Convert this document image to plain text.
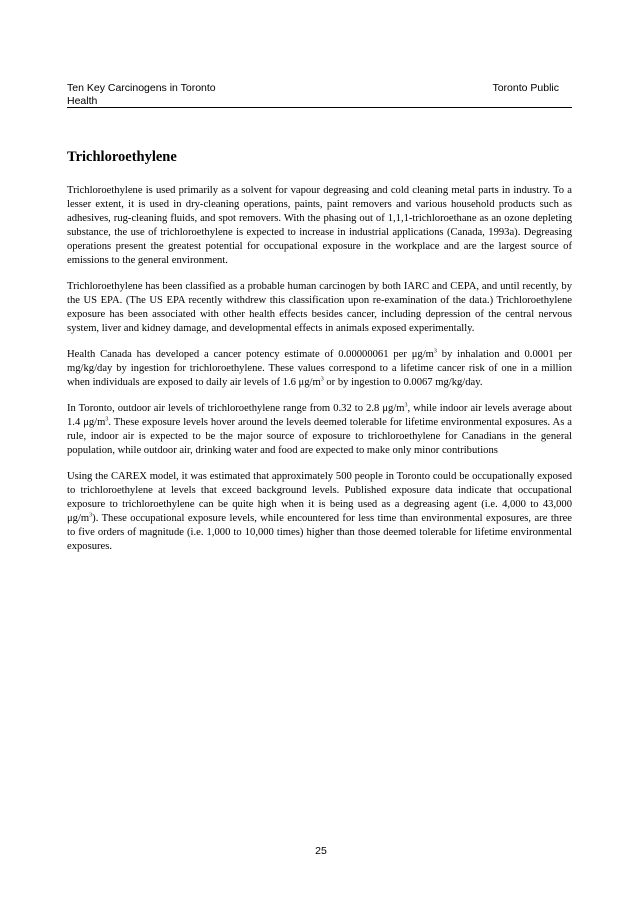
Ten Key Carcinogens in Toronto
Health
Toronto Public
Trichloroethylene

Trichloroethylene is used primarily as a solvent for vapour degreasing and cold cleaning metal parts in industry. To a lesser extent, it is used in dry-cleaning operations, paints, paint removers and various household products such as adhesives, rug-cleaning fluids, and spot removers. With the phasing out of 1,1,1-trichloroethane as an ozone depleting substance, the use of trichloroethylene is expected to increase in industrial applications (Canada, 1993a). Degreasing operations present the greatest potential for occupational exposure in the workplace and are the largest source of emissions to the general environment.

Trichloroethylene has been classified as a probable human carcinogen by both IARC and CEPA, and until recently, by the US EPA. (The US EPA recently withdrew this classification upon re-examination of the data.) Trichloroethylene exposure has been associated with other health effects besides cancer, including depression of the central nervous system, liver and kidney damage, and developmental effects in animals exposed experimentally.

Health Canada has developed a cancer potency estimate of 0.00000061 per $\mu g/m^3$ by inhalation and 0.0001 per mg/kg/day by ingestion for trichloroethylene. These values correspond to a lifetime cancer risk of one in a million when individuals are exposed to daily air levels of 1.6 $\mu g/m^3$ or by ingestion to 0.0067 mg/kg/day.

In Toronto, outdoor air levels of trichloroethylene range from 0.32 to 2.8 $\mu g/m^3$, while indoor air levels average about 1.4 $\mu g/m^3$. These exposure levels hover around the levels deemed tolerable for lifetime environmental exposures. As a rule, indoor air is expected to be the major source of exposure to trichloroethylene for Canadians in the general population, while outdoor air, drinking water and food are expected to make only minor contributions

Using the CAREX model, it was estimated that approximately 500 people in Toronto could be occupationally exposed to trichloroethylene at levels that exceed background levels. Published exposure data indicate that occupational exposure to trichloroethylene can be quite high when it is being used as a degreasing agent (i.e. 4,000 to 43,000 $\mu g/m^3$). These occupational exposure levels, while encountered for less time than environmental exposures, are three to five orders of magnitude (i.e. 1,000 to 10,000 times) higher than those deemed tolerable for lifetime environmental exposures.

25
